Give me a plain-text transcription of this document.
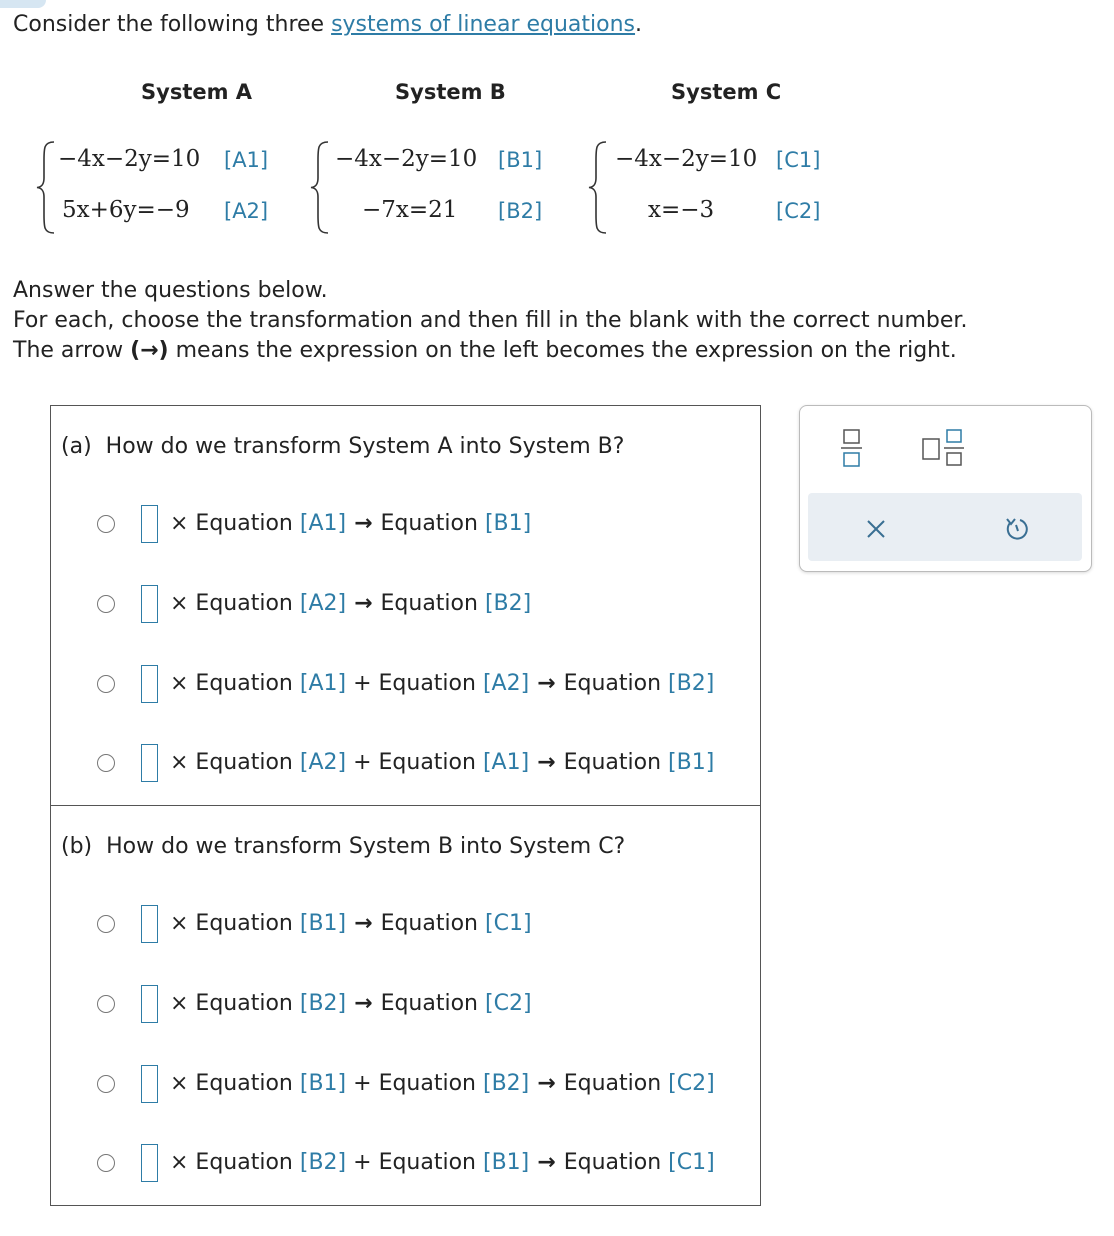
Consider the following three systems of linear equations.
System A	System B	System C
−4x−2y=10 [A1]
5x+6y=−9 [A2]
−4x−2y=10 [B1]
−7x=21 [B2]
−4x−2y=10 [C1]
x=−3	[C2]
Answer the questions below.
For each, choose the transformation and then fill in the blank with the correct number.
The arrow (→) means the expression on the left becomes the expression on the right.
(a) How do we transform System A into System B?
× Equation [A1] → Equation [B1]
× Equation [A2] → Equation [B2]
× Equation [A1] + Equation [A2] → Equation [B2]
× Equation [A2] + Equation [A1] → Equation [B1]
(b) How do we transform System B into System C?
× Equation [B1] → Equation [C1]
× Equation [B2] → Equation [C2]
× Equation [B1] + Equation [B2] → Equation [C2]
× Equation [B2] + Equation [B1] → Equation [C1]
